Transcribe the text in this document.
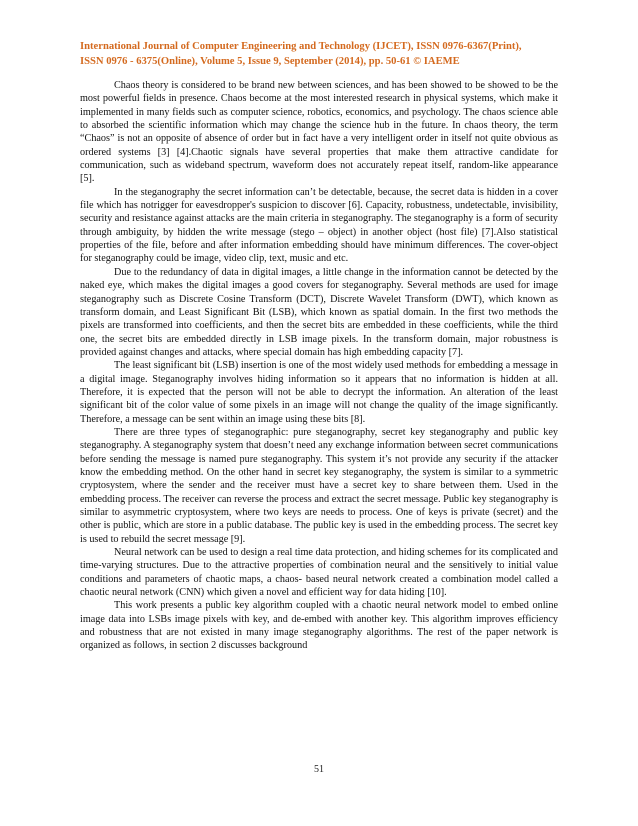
International Journal of Computer Engineering and Technology (IJCET), ISSN 0976-6367(Print),
ISSN 0976 - 6375(Online), Volume 5, Issue 9, September (2014), pp. 50-61 © IAEME

Chaos theory is considered to be brand new between sciences, and has been showed to be showed to be the most powerful fields in presence. Chaos become at the most interested research in physical systems, which make it implemented in many fields such as computer science, robotics, economics, and psychology. The chaos science able to absorbed the scientific information which may change the science hub in the future. In chaos theory, the term “Chaos” is not an opposite of absence of order but in fact have a very intelligent order in itself not quite obvious as ordered systems [3] [4].Chaotic signals have several properties that make them attractive candidate for communication, such as wideband spectrum, waveform does not accurately repeat itself, random-like appearance [5].

In the steganography the secret information can’t be detectable, because, the secret data is hidden in a cover file which has notrigger for eavesdropper's suspicion to discover [6]. Capacity, robustness, undetectable, invisibility, security and resistance against attacks are the main criteria in steganography. The steganography is a form of security through ambiguity, by hidden the write message (stego – object) in another object (host file) [7].Also statistical properties of the file, before and after information embedding should have minimum differences. The cover-object for steganography could be image, video clip, text, music and etc.

Due to the redundancy of data in digital images, a little change in the information cannot be detected by the naked eye, which makes the digital images a good covers for steganography. Several methods are used for image steganography such as Discrete Cosine Transform (DCT), Discrete Wavelet Transform (DWT), which known as transform domain, and Least Significant Bit (LSB), which known as spatial domain. In the first two methods the pixels are transformed into coefficients, and then the secret bits are embedded in these coefficients, while the third one, the secret bits are embedded directly in LSB image pixels. In the transform domain, major robustness is provided against changes and attacks, where special domain has high embedding capacity [7].

The least significant bit (LSB) insertion is one of the most widely used methods for embedding a message in a digital image. Steganography involves hiding information so it appears that no information is hidden at all. Therefore, it is expected that the person will not be able to decrypt the information. An alteration of the least significant bit of the color value of some pixels in an image will not change the quality of the image significantly. Therefore, a message can be sent within an image using these bits [8].

There are three types of steganographic: pure steganography, secret key steganography and public key steganography. A steganography system that doesn’t need any exchange information between secret communications before sending the message is named pure steganography. This system it’s not provide any security if the attacker know the embedding method. On the other hand in secret key steganography, the system is similar to a symmetric cryptosystem, where the sender and the receiver must have a secret key to share between them. Used in the embedding process. The receiver can reverse the process and extract the secret message. Public key steganography is similar to asymmetric cryptosystem, where two keys are needs to process. One of keys is private (secret) and the other is public, which are store in a public database. The public key is used in the embedding process. The secret key is used to rebuild the secret message [9].

Neural network can be used to design a real time data protection, and hiding schemes for its complicated and time-varying structures. Due to the attractive properties of combination neural and the sensitively to initial value conditions and parameters of chaotic maps, a chaos- based neural network created a combination model called a chaotic neural network (CNN) which given a novel and efficient way for data hiding [10].

This work presents a public key algorithm coupled with a chaotic neural network model to embed online image data into LSBs image pixels with key, and de-embed with another key. This algorithm improves efficiency and robustness that are not existed in many image steganography algorithms. The rest of the paper network is organized as follows, in section 2 discusses background

51
